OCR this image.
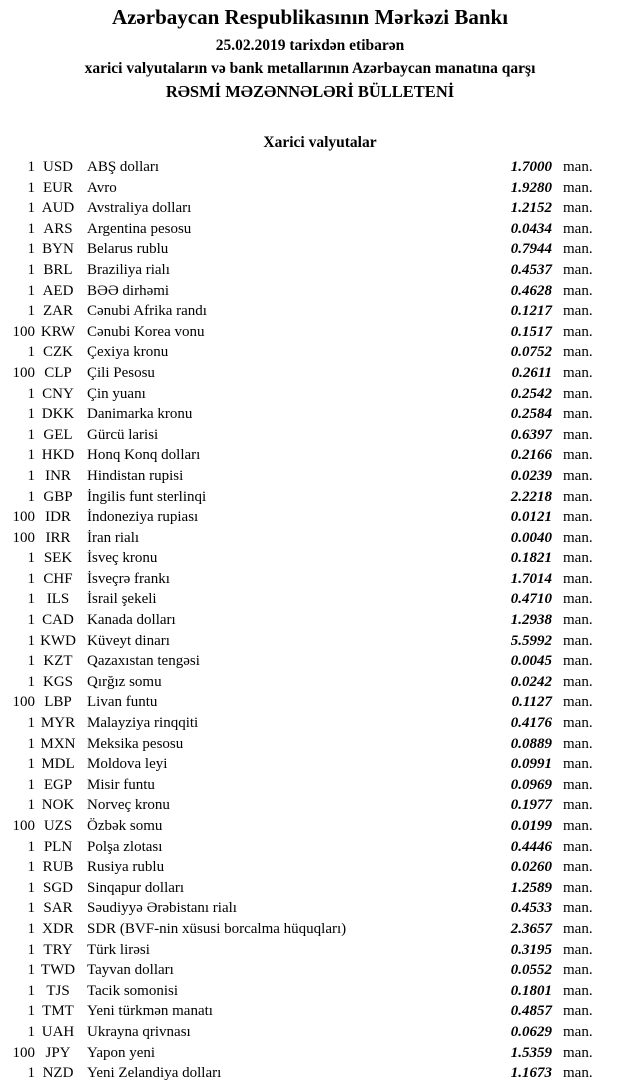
Azərbaycan Respublikasının Mərkəzi Bankı
25.02.2019 tarixdən etibarən
xarici valyutaların və bank metallarının Azərbaycan manatına qarşı
RƏSMİ MƏZƏNNƏLƏRİ BÜLLETENİ
Xarici valyutalar
1 USD ABŞ dolları	1.7000 man.
1 EUR Avro	1.9280 man.
1 AUD Avstraliya dolları	1.2152 man.
1 ARS Argentina pesosu	0.0434 man.
1 BYN Belarus rublu	0.7944 man.
1 BRL Braziliya rialı	0.4537 man.
1 AED BƏƏ dirhəmi	0.4628 man.
1 ZAR Cənubi Afrika randı	0.1217 man.
100 KRW Cənubi Korea vonu	0.1517 man.
1 CZK Çexiya kronu	0.0752 man.
100 CLP	Çili Pesosu	0.2611 man.
1 CNY Çin yuanı	0.2542 man.
1 DKK Danimarka kronu	0.2584 man.
1 GEL Gürcü larisi	0.6397 man.
1 HKD Honq Konq dolları	0.2166 man.
1 INR	Hindistan rupisi	0.0239 man.
1 GBP İngilis funt sterlinqi	2.2218 man.
100 IDR	İndoneziya rupiası	0.0121 man.
100 IRR	İran rialı	0.0040 man.
1 SEK İsveç kronu	0.1821 man.
1 CHF İsveçrə frankı	1.7014 man.
1 ILS	İsrail şekeli	0.4710 man.
1 CAD Kanada dolları	1.2938 man.
1 KWD Küveyt dinarı	5.5992 man.
1 KZT Qazaxıstan tengəsi	0.0045 man.
1 KGS Qırğız somu	0.0242 man.
100 LBP	Livan funtu	0.1127 man.
1 MYR Malayziya rinqqiti	0.4176 man.
1 MXN Meksika pesosu	0.0889 man.
1 MDL Moldova leyi	0.0991 man.
1 EGP Misir funtu	0.0969 man.
1 NOK Norveç kronu	0.1977 man.
100 UZS Özbək somu	0.0199 man.
1 PLN Polşa zlotası	0.4446 man.
1 RUB Rusiya rublu	0.0260 man.
1 SGD Sinqapur dolları	1.2589 man.
1 SAR Səudiyyə Ərəbistanı rialı	0.4533 man.
1 XDR SDR (BVF-nin xüsusi borcalma hüquqları)	2.3657 man.
1 TRY Türk lirəsi	0.3195 man.
1 TWD Tayvan dolları	0.0552 man.
1 TJS	Tacik somonisi	0.1801 man.
1 TMT Yeni türkmən manatı	0.4857 man.
1 UAH Ukrayna qrivnası	0.0629 man.
100 JPY	Yapon yeni	1.5359 man.
1 NZD Yeni Zelandiya dolları	1.1673 man.
